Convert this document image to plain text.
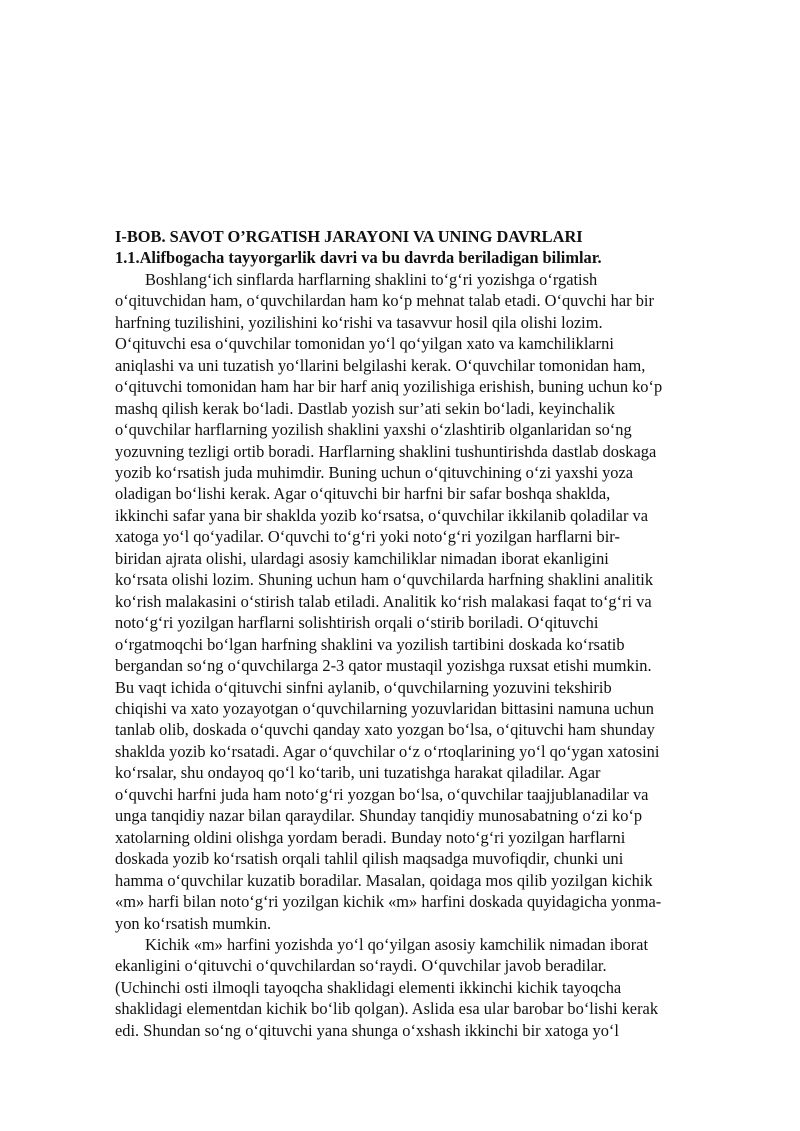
I-BOB. SAVOT O’RGATISH JARAYONI VA UNING DAVRLARI

1.1.Alifbogacha tayyorgarlik davri va bu davrda beriladigan bilimlar.

Boshlang‘ich sinflarda harflarning shaklini to‘g‘ri yozishga o‘rgatish

o‘qituvchidan ham, o‘quvchilardan ham ko‘p mehnat talab etadi. O‘quvchi har bir

harfning tuzilishini, yozilishini ko‘rishi va tasavvur hosil qila olishi lozim.

O‘qituvchi esa o‘quvchilar tomonidan yo‘l qo‘yilgan xato va kamchiliklarni

aniqlashi va uni tuzatish yo‘llarini belgilashi kerak. O‘quvchilar tomonidan ham,

o‘qituvchi tomonidan ham har bir harf aniq yozilishiga erishish, buning uchun ko‘p

mashq qilish kerak bo‘ladi. Dastlab yozish sur’ati sekin bo‘ladi, keyinchalik

o‘quvchilar harflarning yozilish shaklini yaxshi o‘zlashtirib olganlaridan so‘ng

yozuvning tezligi ortib boradi. Harflarning shaklini tushuntirishda dastlab doskaga

yozib ko‘rsatish juda muhimdir. Buning uchun o‘qituvchining o‘zi yaxshi yoza

oladigan bo‘lishi kerak. Agar o‘qituvchi bir harfni bir safar boshqa shaklda,

ikkinchi safar yana bir shaklda yozib ko‘rsatsa, o‘quvchilar ikkilanib qoladilar va

xatoga yo‘l qo‘yadilar. O‘quvchi to‘g‘ri yoki noto‘g‘ri yozilgan harflarni bir-

biridan ajrata olishi, ulardagi asosiy kamchiliklar nimadan iborat ekanligini

ko‘rsata olishi lozim. Shuning uchun ham o‘quvchilarda harfning shaklini analitik

ko‘rish malakasini o‘stirish talab etiladi. Analitik ko‘rish malakasi faqat to‘g‘ri va

noto‘g‘ri yozilgan harflarni solishtirish orqali o‘stirib boriladi. O‘qituvchi

o‘rgatmoqchi bo‘lgan harfning shaklini va yozilish tartibini doskada ko‘rsatib

bergandan so‘ng o‘quvchilarga 2-3 qator mustaqil yozishga ruxsat etishi mumkin.

Bu vaqt ichida o‘qituvchi sinfni aylanib, o‘quvchilarning yozuvini tekshirib

chiqishi va xato yozayotgan o‘quvchilarning yozuvlaridan bittasini namuna uchun

tanlab olib, doskada o‘quvchi qanday xato yozgan bo‘lsa, o‘qituvchi ham shunday

shaklda yozib ko‘rsatadi. Agar o‘quvchilar o‘z o‘rtoqlarining yo‘l qo‘ygan xatosini

ko‘rsalar, shu ondayoq qo‘l ko‘tarib, uni tuzatishga harakat qiladilar. Agar

o‘quvchi harfni juda ham noto‘g‘ri yozgan bo‘lsa, o‘quvchilar taajjublanadilar va

unga tanqidiy nazar bilan qaraydilar. Shunday tanqidiy munosabatning o‘zi ko‘p

xatolarning oldini olishga yordam beradi. Bunday noto‘g‘ri yozilgan harflarni

doskada yozib ko‘rsatish orqali tahlil qilish maqsadga muvofiqdir, chunki uni

hamma o‘quvchilar kuzatib boradilar. Masalan, qoidaga mos qilib yozilgan kichik

«m» harfi bilan noto‘g‘ri yozilgan kichik «m» harfini doskada quyidagicha yonma-

yon ko‘rsatish mumkin.

Kichik «m» harfini yozishda yo‘l qo‘yilgan asosiy kamchilik nimadan iborat

ekanligini o‘qituvchi o‘quvchilardan so‘raydi. O‘quvchilar javob beradilar.

(Uchinchi osti ilmoqli tayoqcha shaklidagi elementi ikkinchi kichik tayoqcha

shaklidagi elementdan kichik bo‘lib qolgan). Aslida esa ular barobar bo‘lishi kerak

edi. Shundan so‘ng o‘qituvchi yana shunga o‘xshash ikkinchi bir xatoga yo‘l
